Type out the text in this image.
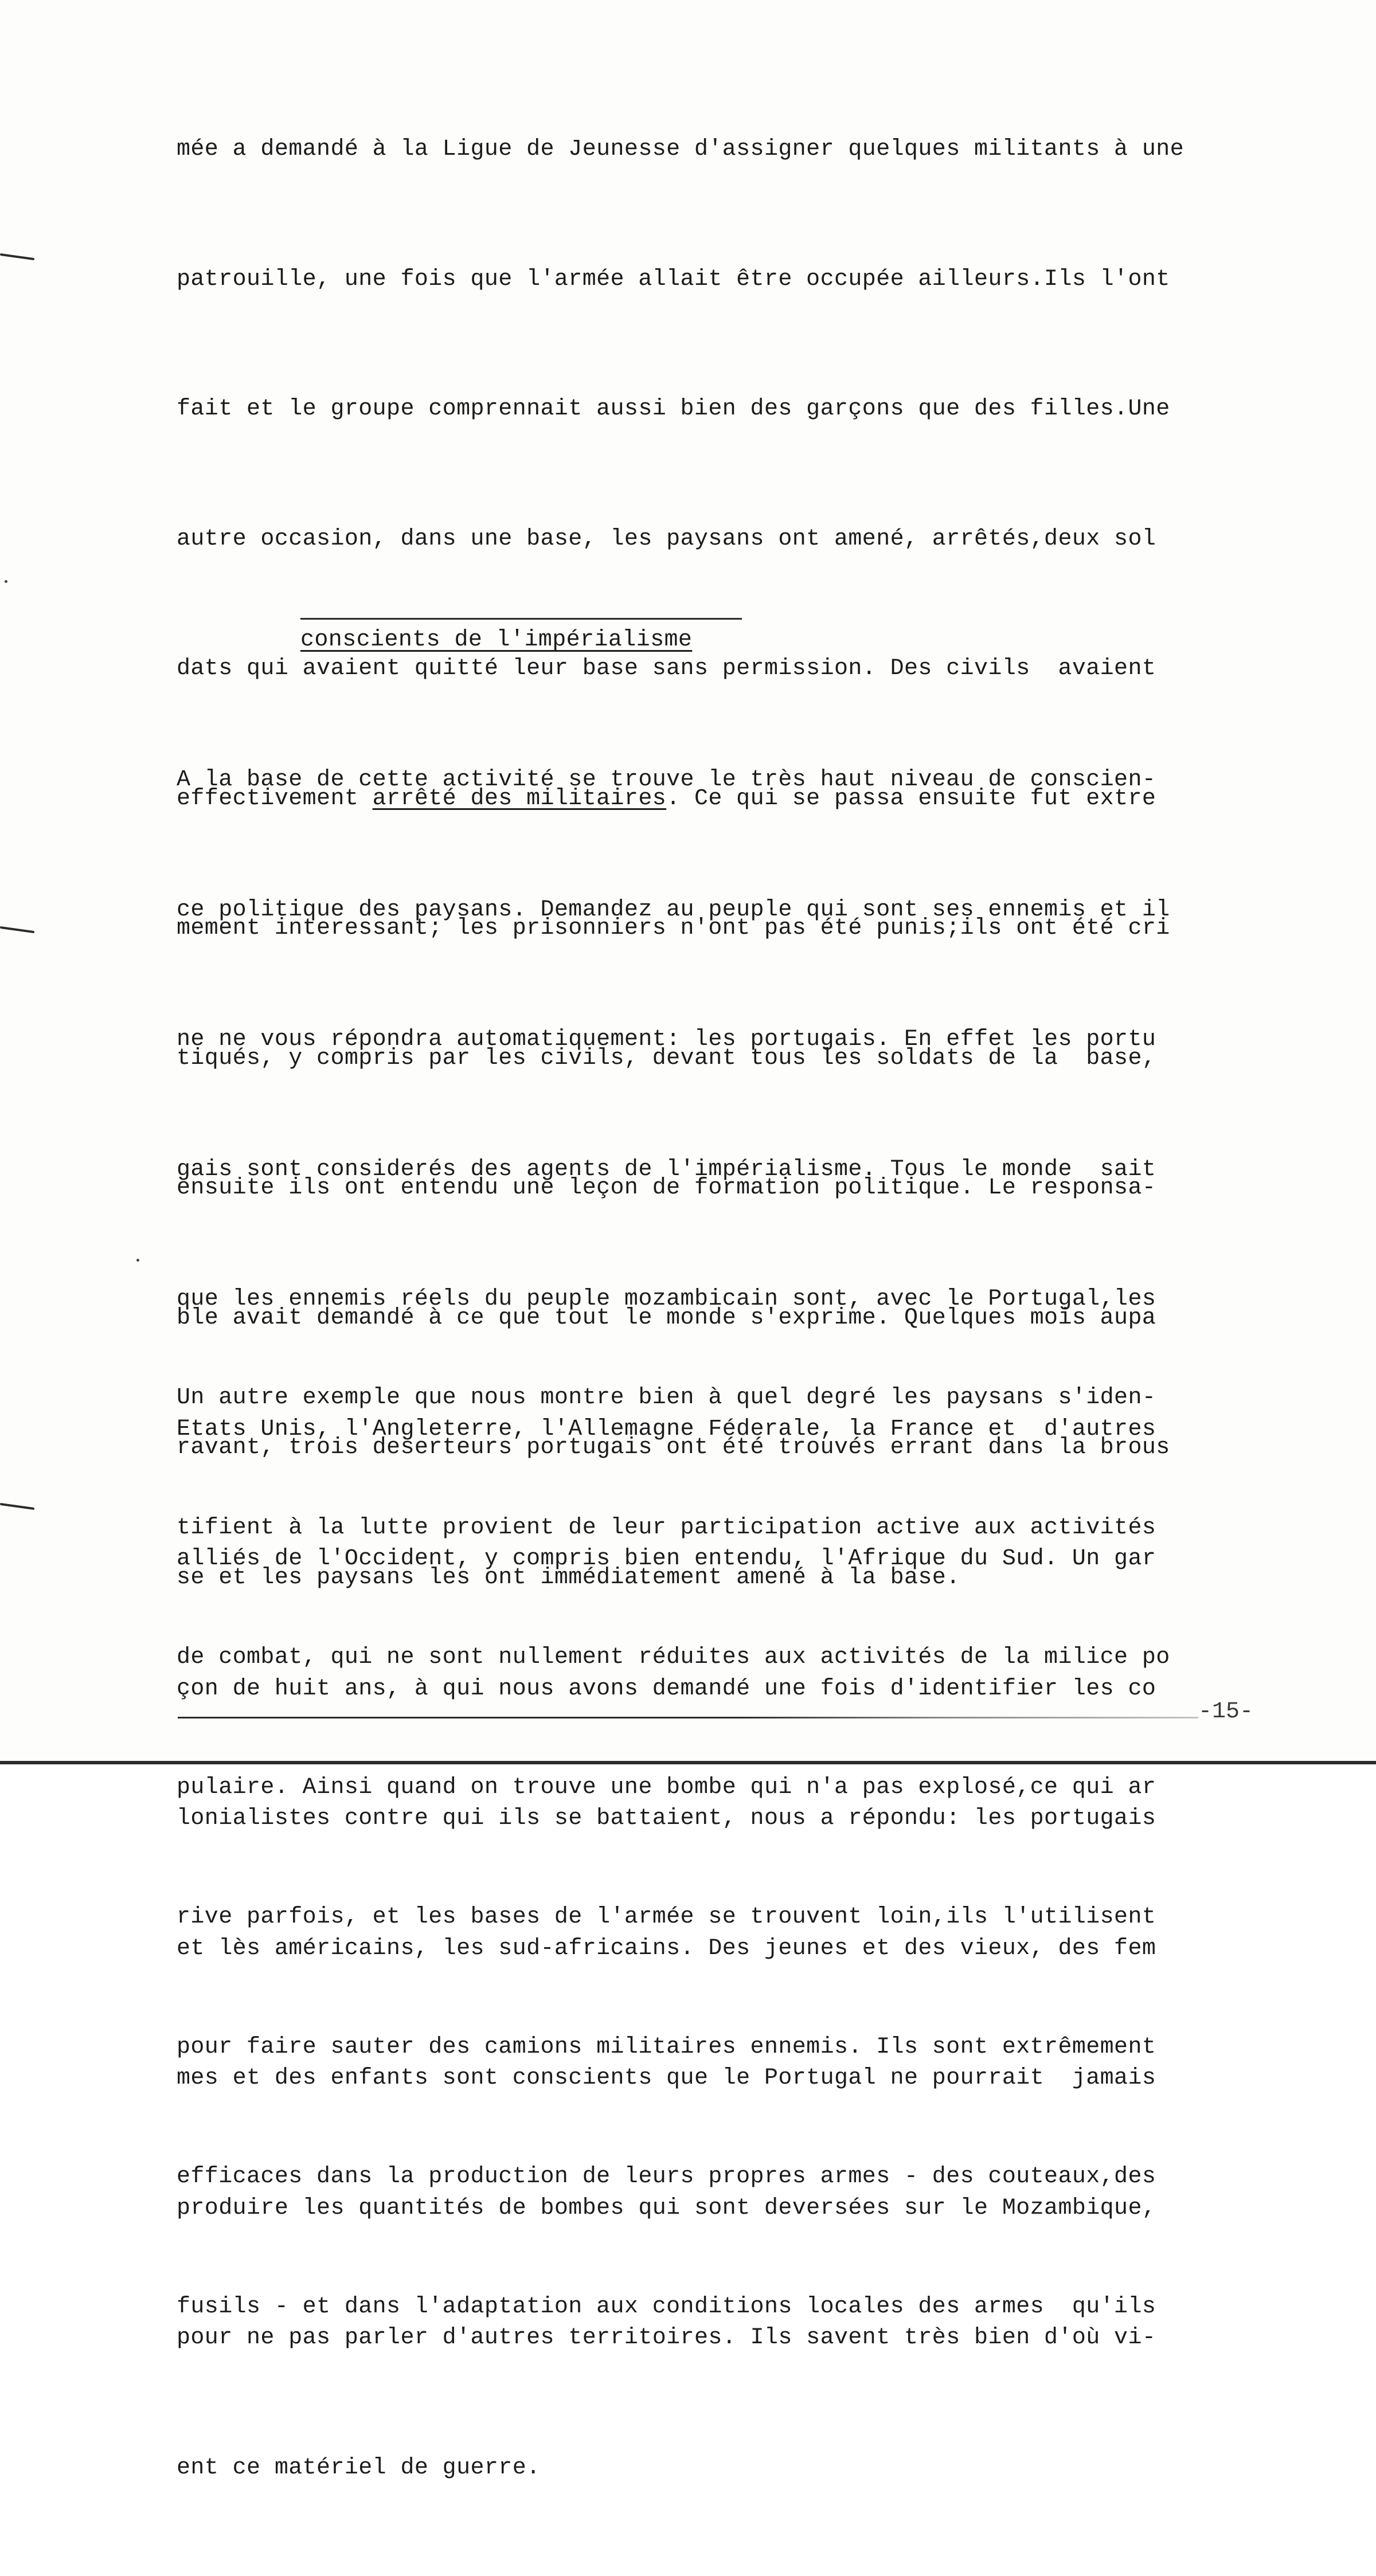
mée a demandé à la Ligue de Jeunesse d'assigner quelques militants à une

patrouille, une fois que l'armée allait être occupée ailleurs.Ils l'ont

fait et le groupe comprennait aussi bien des garçons que des filles.Une

autre occasion, dans une base, les paysans ont amené, arrêtés,deux sol

dats qui avaient quitté leur base sans permission. Des civils  avaient

effectivement arrêté des militaires. Ce qui se passa ensuite fut extre

mement interessant; les prisonniers n'ont pas été punis;ils ont été cri

tiqués, y compris par les civils, devant tous les soldats de la  base,

ensuite ils ont entendu une leçon de formation politique. Le responsa-

ble avait demandé à ce que tout le monde s'exprime. Quelques mois aupa

ravant, trois deserteurs portugais ont été trouvés errant dans la brous

se et les paysans les ont immédiatement amené à la base.

conscients de l'impérialisme

A la base de cette activité se trouve le très haut niveau de conscien-

ce politique des paysans. Demandez au peuple qui sont ses ennemis et il

ne ne vous répondra automatiquement: les portugais. En effet les portu

gais sont considerés des agents de l'impérialisme. Tous le monde  sait

que les ennemis réels du peuple mozambicain sont, avec le Portugal,les

Etats Unis, l'Angleterre, l'Allemagne Féderale, la France et  d'autres

alliés de l'Occident, y compris bien entendu, l'Afrique du Sud. Un gar

çon de huit ans, à qui nous avons demandé une fois d'identifier les co

lonialistes contre qui ils se battaient, nous a répondu: les portugais

et lès américains, les sud-africains. Des jeunes et des vieux, des fem

mes et des enfants sont conscients que le Portugal ne pourrait  jamais

produire les quantités de bombes qui sont deversées sur le Mozambique,

pour ne pas parler d'autres territoires. Ils savent très bien d'où vi-

ent ce matériel de guerre.

Un autre exemple que nous montre bien à quel degré les paysans s'iden-

tifient à la lutte provient de leur participation active aux activités

de combat, qui ne sont nullement réduites aux activités de la milice po

pulaire. Ainsi quand on trouve une bombe qui n'a pas explosé,ce qui ar

rive parfois, et les bases de l'armée se trouvent loin,ils l'utilisent

pour faire sauter des camions militaires ennemis. Ils sont extrêmement

efficaces dans la production de leurs propres armes - des couteaux,des

fusils - et dans l'adaptation aux conditions locales des armes  qu'ils

-15-
